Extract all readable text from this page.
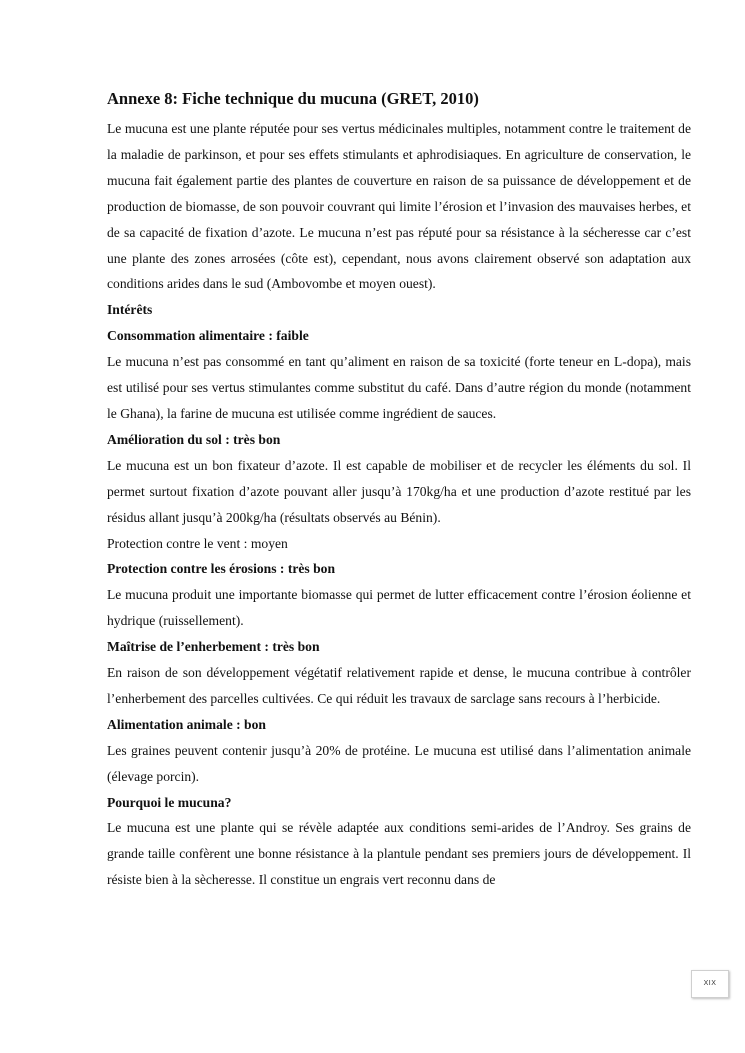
Annexe 8: Fiche technique du mucuna (GRET, 2010)

Le mucuna est une plante réputée pour ses vertus médicinales multiples, notamment contre le traitement de la maladie de parkinson, et pour ses effets stimulants et aphrodisiaques. En agriculture de conservation, le mucuna fait également partie des plantes de couverture en raison de sa puissance de développement et de production de biomasse, de son pouvoir couvrant qui limite l’érosion et l’invasion des mauvaises herbes, et de sa capacité de fixation d’azote. Le mucuna n’est pas réputé pour sa résistance à la sécheresse car c’est une plante des zones arrosées (côte est), cependant, nous avons clairement observé son adaptation aux conditions arides dans le sud (Ambovombe et moyen ouest).

Intérêts

Consommation alimentaire : faible

Le mucuna n’est pas consommé en tant qu’aliment en raison de sa toxicité (forte teneur en L-dopa), mais est utilisé pour ses vertus stimulantes comme substitut du café. Dans d’autre région du monde (notamment le Ghana), la farine de mucuna est utilisée comme ingrédient de sauces.

Amélioration du sol : très bon

Le mucuna est un bon fixateur d’azote. Il est capable de mobiliser et de recycler les éléments du sol. Il permet surtout fixation d’azote pouvant aller jusqu’à 170kg/ha et une production d’azote restitué par les résidus allant jusqu’à 200kg/ha (résultats observés au Bénin).

Protection contre le vent : moyen

Protection contre les érosions : très bon

Le mucuna produit une importante biomasse qui permet de lutter efficacement contre l’érosion éolienne et hydrique (ruissellement).

Maîtrise de l’enherbement : très bon

En raison de son développement végétatif relativement rapide et dense, le mucuna contribue à contrôler l’enherbement des parcelles cultivées. Ce qui réduit les travaux de sarclage sans recours à l’herbicide.

Alimentation animale : bon

Les graines peuvent contenir jusqu’à 20% de protéine. Le mucuna est utilisé dans l’alimentation animale (élevage porcin).

Pourquoi le mucuna?

Le mucuna est une plante qui se révèle adaptée aux conditions semi-arides de l’Androy. Ses grains de grande taille confèrent une bonne résistance à la plantule pendant ses premiers jours de développement. Il résiste bien à la sècheresse. Il constitue un engrais vert reconnu dans de

XIX
